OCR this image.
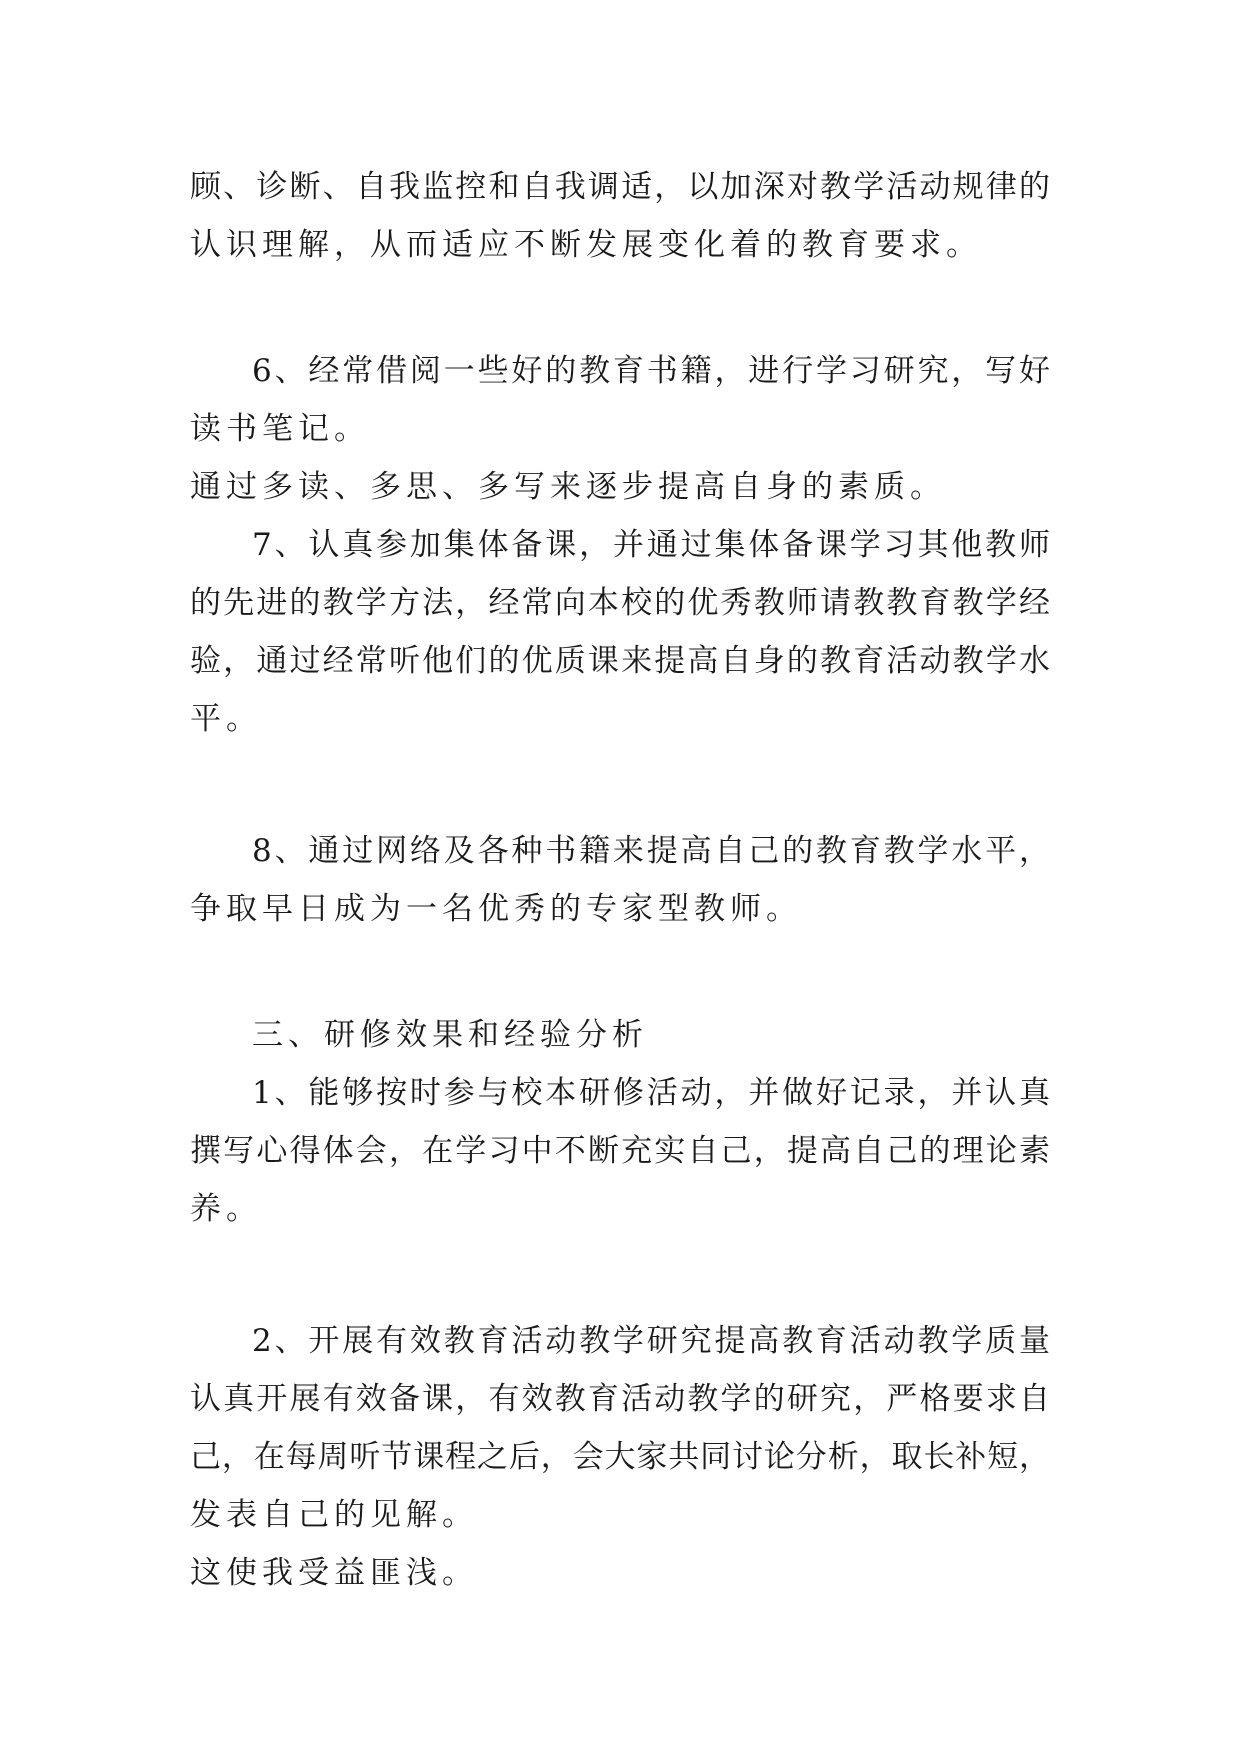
顾、诊断、自我监控和自我调适，以加深对教学活动规律的
认识理解，从而适应不断发展变化着的教育要求。
6、经常借阅一些好的教育书籍，进行学习研究，写好
读书笔记。
通过多读、多思、多写来逐步提高自身的素质。
7、认真参加集体备课，并通过集体备课学习其他教师
的先进的教学方法，经常向本校的优秀教师请教教育教学经
验，通过经常听他们的优质课来提高自身的教育活动教学水
平。
8、通过网络及各种书籍来提高自己的教育教学水平，
争取早日成为一名优秀的专家型教师。
三、研修效果和经验分析
1、能够按时参与校本研修活动，并做好记录，并认真
撰写心得体会，在学习中不断充实自己，提高自己的理论素
养。
2、开展有效教育活动教学研究提高教育活动教学质量
认真开展有效备课，有效教育活动教学的研究，严格要求自
己，在每周听节课程之后，会大家共同讨论分析，取长补短，
发表自己的见解。
这使我受益匪浅。
